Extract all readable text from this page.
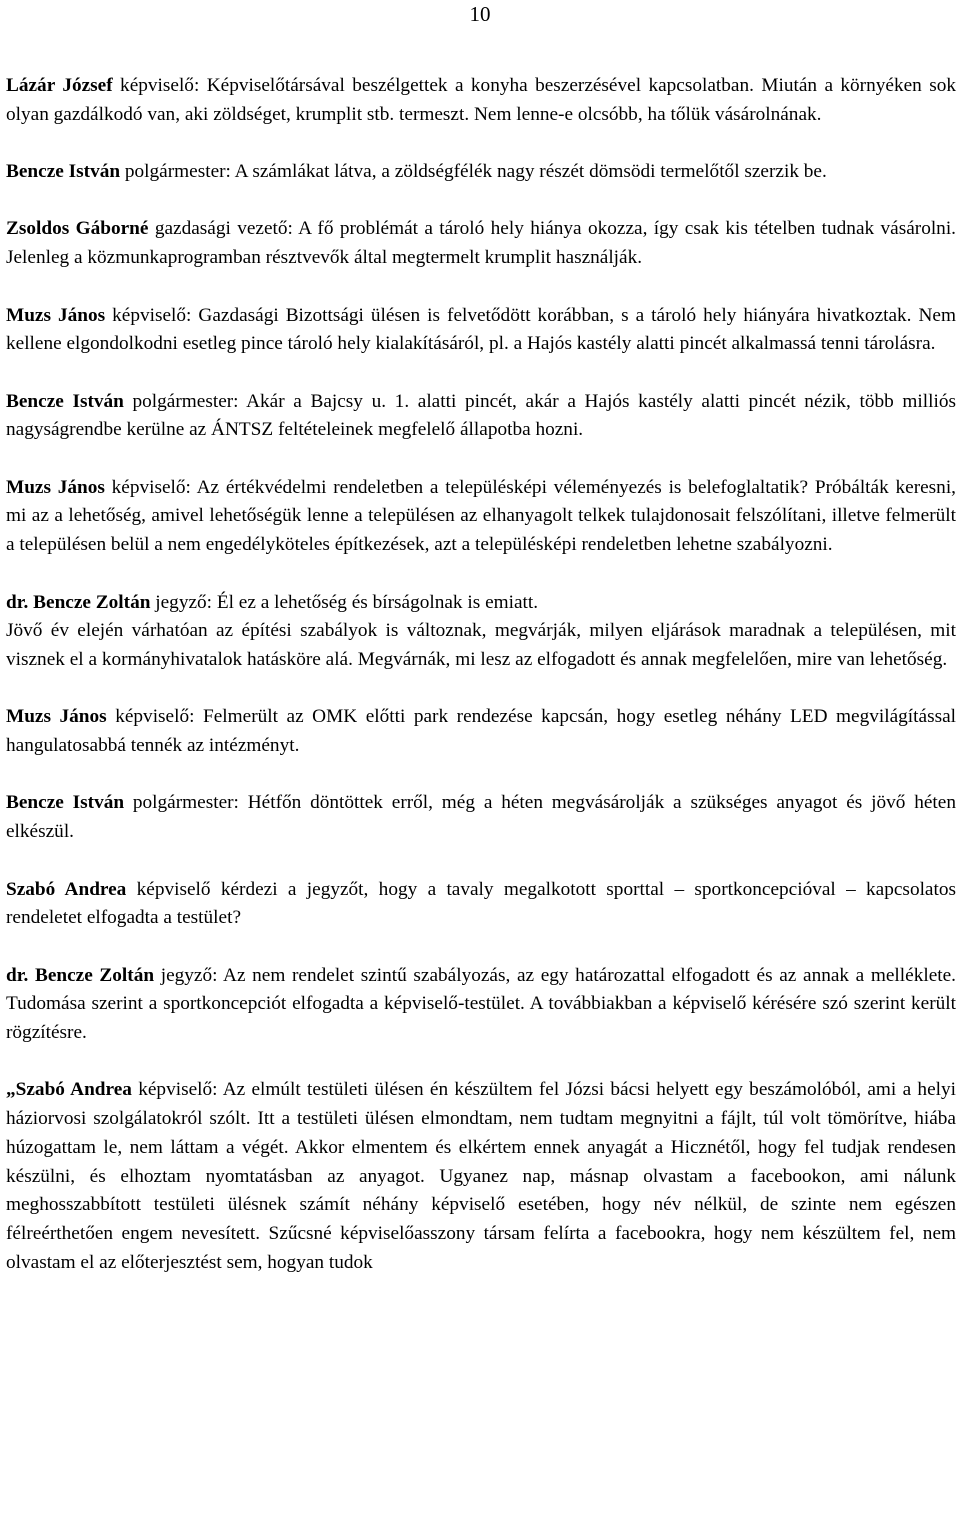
10

Lázár József képviselő: Képviselőtársával beszélgettek a konyha beszerzésével kapcsolatban. Miután a környéken sok olyan gazdálkodó van, aki zöldséget, krumplit stb. termeszt. Nem lenne-e olcsóbb, ha tőlük vásárolnának.

Bencze István polgármester: A számlákat látva, a zöldségfélék nagy részét dömsödi termelőtől szerzik be.

Zsoldos Gáborné gazdasági vezető: A fő problémát a tároló hely hiánya okozza, így csak kis tételben tudnak vásárolni. Jelenleg a közmunkaprogramban résztvevők által megtermelt krumplit használják.

Muzs János képviselő: Gazdasági Bizottsági ülésen is felvetődött korábban, s a tároló hely hiányára hivatkoztak. Nem kellene elgondolkodni esetleg pince tároló hely kialakításáról, pl. a Hajós kastély alatti pincét alkalmassá tenni tárolásra.

Bencze István polgármester: Akár a Bajcsy u. 1. alatti pincét, akár a Hajós kastély alatti pincét nézik, több milliós nagyságrendbe kerülne az ÁNTSZ feltételeinek megfelelő állapotba hozni.

Muzs János képviselő: Az értékvédelmi rendeletben a településképi véleményezés is belefoglaltatik? Próbálták keresni, mi az a lehetőség, amivel lehetőségük lenne a településen az elhanyagolt telkek tulajdonosait felszólítani, illetve felmerült a településen belül a nem engedélyköteles építkezések, azt a településképi rendeletben lehetne szabályozni.

dr. Bencze Zoltán jegyző: Él ez a lehetőség és bírságolnak is emiatt.

Jövő év elején várhatóan az építési szabályok is változnak, megvárják, milyen eljárások maradnak a településen, mit visznek el a kormányhivatalok hatásköre alá. Megvárnák, mi lesz az elfogadott és annak megfelelően, mire van lehetőség.

Muzs János képviselő: Felmerült az OMK előtti park rendezése kapcsán, hogy esetleg néhány LED megvilágítással hangulatosabbá tennék az intézményt.

Bencze István polgármester: Hétfőn döntöttek erről, még a héten megvásárolják a szükséges anyagot és jövő héten elkészül.

Szabó Andrea képviselő kérdezi a jegyzőt, hogy a tavaly megalkotott sporttal – sportkoncepcióval – kapcsolatos rendeletet elfogadta a testület?

dr. Bencze Zoltán jegyző: Az nem rendelet szintű szabályozás, az egy határozattal elfogadott és az annak a melléklete. Tudomása szerint a sportkoncepciót elfogadta a képviselő-testület. A továbbiakban a képviselő kérésére szó szerint került rögzítésre.

„Szabó Andrea képviselő: Az elmúlt testületi ülésen én készültem fel Józsi bácsi helyett egy beszámolóból, ami a helyi háziorvosi szolgálatokról szólt. Itt a testületi ülésen elmondtam, nem tudtam megnyitni a fájlt, túl volt tömörítve, hiába húzogattam le, nem láttam a végét. Akkor elmentem és elkértem ennek anyagát a Hicznétől, hogy fel tudjak rendesen készülni, és elhoztam nyomtatásban az anyagot. Ugyanez nap, másnap olvastam a facebookon, ami nálunk meghosszabbított testületi ülésnek számít néhány képviselő esetében, hogy név nélkül, de szinte nem egészen félreérthetően engem nevesített. Szűcsné képviselőasszony társam felírta a facebookra, hogy nem készültem fel, nem olvastam el az előterjesztést sem, hogyan tudok
